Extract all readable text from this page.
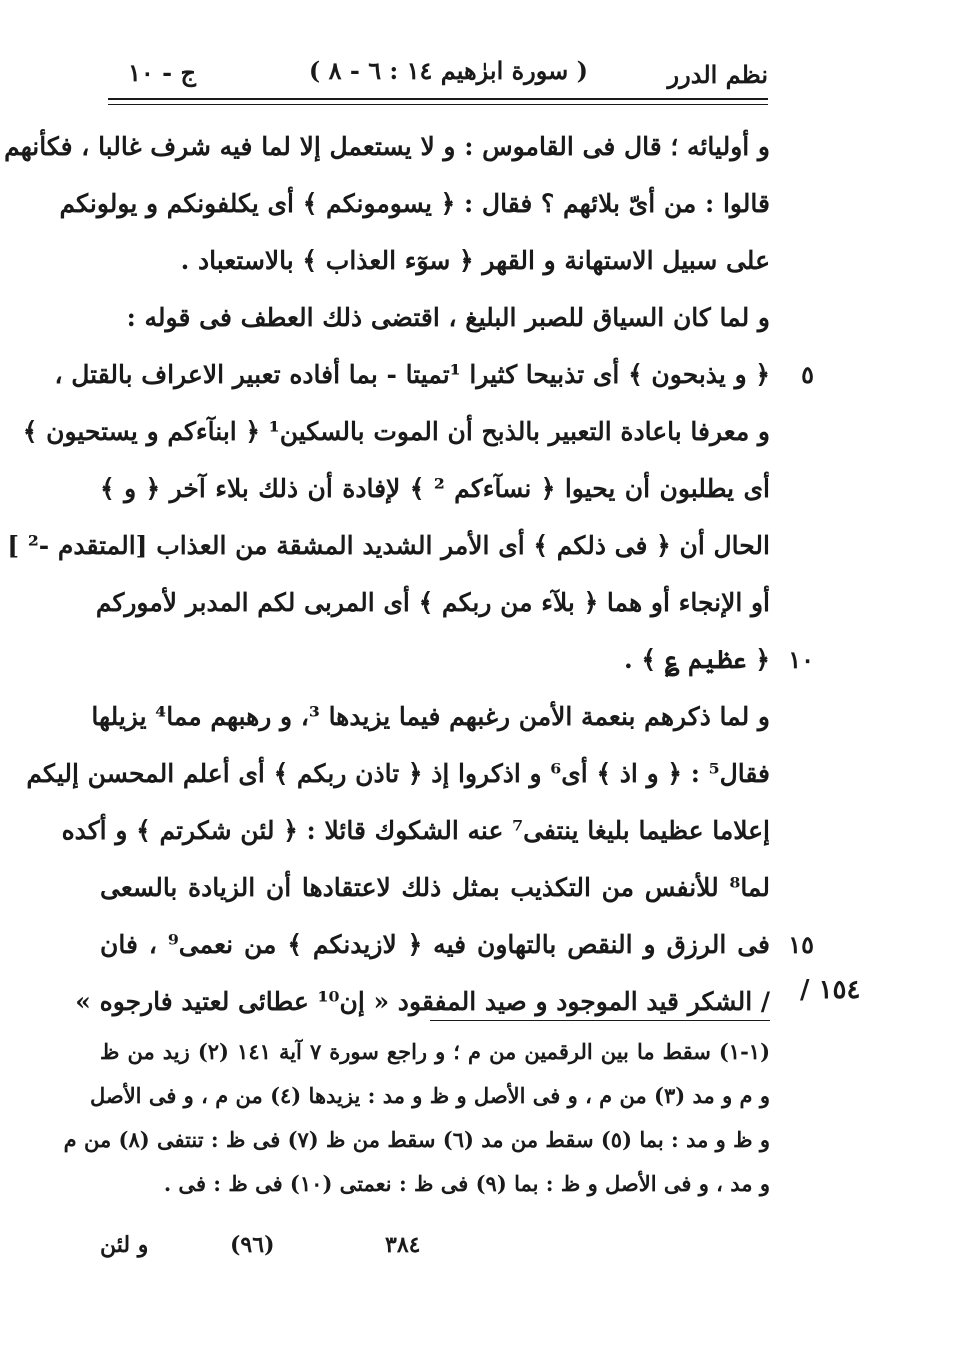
نظم الدرر
( سورة ابرٰهيم ١٤ : ٦ - ٨ )
ج - ١٠
و أوليائه ؛ قال فى القاموس : و لا يستعمل إلا لما فيه شرف غالبا ، فكأنهم
قالوا : من أىّ بلائهم ؟ فقال : ﴿ يسومونكم ﴾ أى يكلفونكم و يولونكم
على سبيل الاستهانة و القهر ﴿ سوٓء العذاب ﴾ بالاستعباد .
و لما كان السياق للصبر البليغ ، اقتضى ذلك العطف فى قوله :
﴿ و يذبحون ﴾ أى تذبيحا كثيرا ¹تميتا - بما أفاده تعبير الاعراف بالقتل ، ٥
و معرفا باعادة التعبير بالذبح أن الموت بالسكين¹ ﴿ ابنآءكم و يستحيون ﴾
أى يطلبون أن يحيوا ﴿ نسآءكم ² ﴾ لإفادة أن ذلك بلاء آخر ﴿ و ﴾
الحال أن ﴿ فى ذلكم ﴾ أى الأمر الشديد المشقة من العذاب [المتقدم -² ]
أو الإنجاء أو هما ﴿ بلآء من ربكم ﴾ أى المربى لكم المدبر لأموركم
﴿ عظيم ؏ ﴾ . ١٠
و لما ذكرهم بنعمة الأمن رغبهم فيما يزيدها ³، و رهبهم مما⁴ يزيلها
فقال⁵ : ﴿ و اذ ﴾ أى⁶ و اذكروا إذ ﴿ تاذن ربكم ﴾ أى أعلم المحسن إليكم
إعلاما عظيما بليغا ينتفى⁷ عنه الشكوك قائلا : ﴿ لئن شكرتم ﴾ و أكده
لما⁸ للأنفس من التكذيب بمثل ذلك لاعتقادها أن الزيادة بالسعى
فى الرزق و النقص بالتهاون فيه ﴿ لازيدنكم ﴾ من نعمى⁹ ، فان ١٥
/ الشكر قيد الموجود و صيد المفقود « إن¹⁰ عطائى لعتيد فارجوه » ١٥٤ /
(١-١) سقط ما بين الرقمين من م ؛ و راجع سورة ٧ آية ١٤١ (٢) زيد من ظ
و م و مد (٣) من م ، و فى الأصل و ظ و مد : يزيدها (٤) من م ، و فى الأصل
و ظ و مد : بما (٥) سقط من مد (٦) سقط من ظ (٧) فى ظ : تنتفى (٨) من م
و مد ، و فى الأصل و ظ : بما (٩) فى ظ : نعمتى (١٠) فى ظ : فى .
و لئن	(٩٦)	٣٨٤
